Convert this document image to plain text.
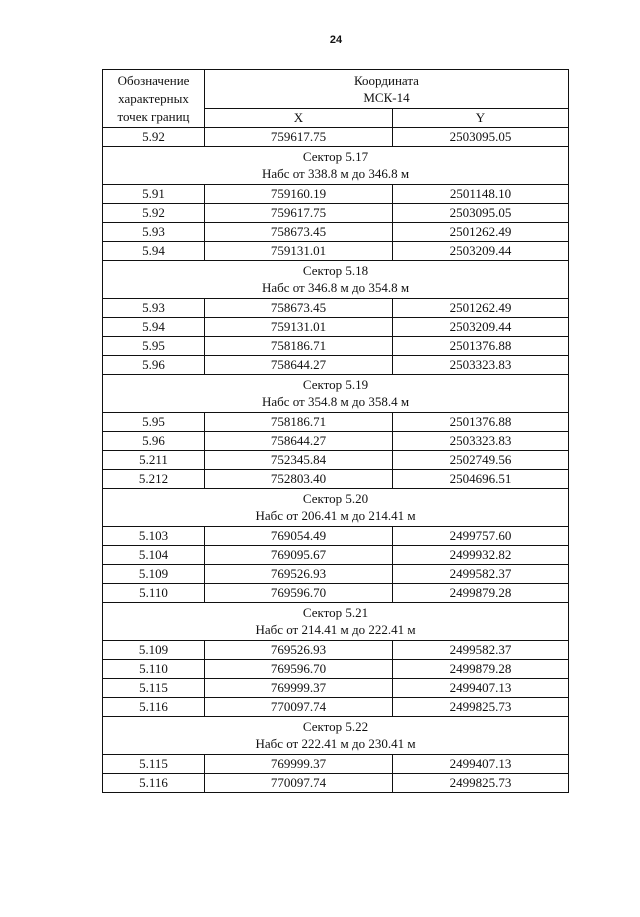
24
Обозначение
характерных
точек границ	Координата
МСК-14	

	X	Y
5.92	759617.75	2503095.05

Сектор 5.17
Набс от 338.8 м до 346.8 м		

5.91	759160.19	2501148.10
5.92	759617.75	2503095.05
5.93	758673.45	2501262.49
5.94	759131.01	2503209.44

Сектор 5.18
Набс от 346.8 м до 354.8 м		

5.93	758673.45	2501262.49
5.94	759131.01	2503209.44
5.95	758186.71	2501376.88
5.96	758644.27	2503323.83

Сектор 5.19
Набс от 354.8 м до 358.4 м		

5.95	758186.71	2501376.88
5.96	758644.27	2503323.83
5.211	752345.84	2502749.56
5.212	752803.40	2504696.51

Сектор 5.20
Набс от 206.41 м до 214.41 м		

5.103	769054.49	2499757.60
5.104	769095.67	2499932.82
5.109	769526.93	2499582.37
5.110	769596.70	2499879.28

Сектор 5.21
Набс от 214.41 м до 222.41 м		

5.109	769526.93	2499582.37
5.110	769596.70	2499879.28
5.115	769999.37	2499407.13
5.116	770097.74	2499825.73

Сектор 5.22
Набс от 222.41 м до 230.41 м		

5.115	769999.37	2499407.13
5.116	770097.74	2499825.73
